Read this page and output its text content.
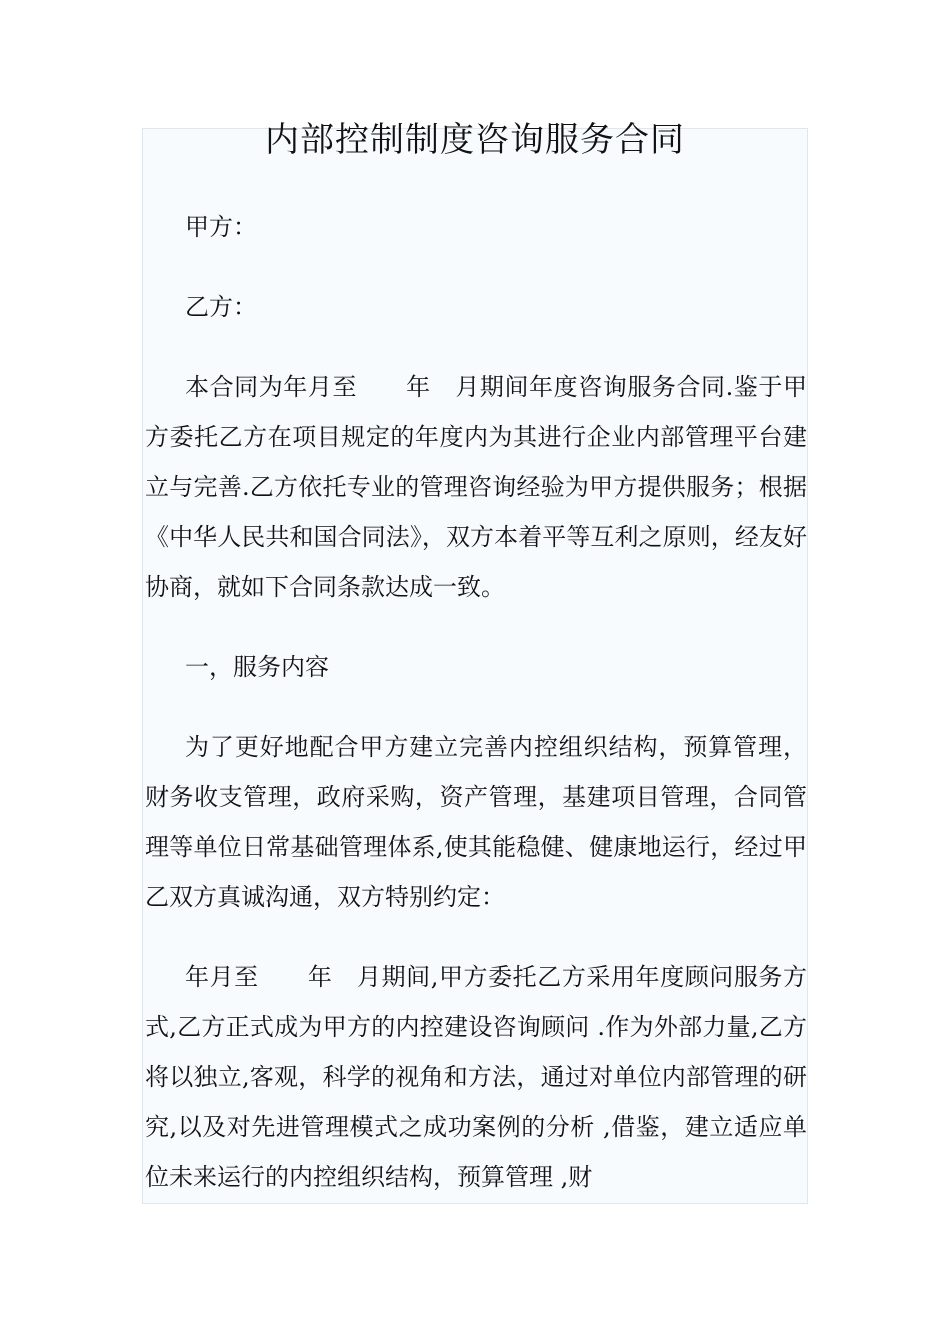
内部控制制度咨询服务合同

甲方：

乙方：

本合同为年月至　　年　月期间年度咨询服务合同.鉴于甲方委托乙方在项目规定的年度内为其进行企业内部管理平台建立与完善.乙方依托专业的管理咨询经验为甲方提供服务；根据《中华人民共和国合同法》，双方本着平等互利之原则，经友好协商，就如下合同条款达成一致。

一，服务内容

为了更好地配合甲方建立完善内控组织结构，预算管理，财务收支管理，政府采购，资产管理，基建项目管理，合同管理等单位日常基础管理体系,使其能稳健、健康地运行，经过甲乙双方真诚沟通，双方特别约定：

年月至　　年　月期间,甲方委托乙方采用年度顾问服务方式,乙方正式成为甲方的内控建设咨询顾问 .作为外部力量,乙方将以独立,客观，科学的视角和方法，通过对单位内部管理的研究,以及对先进管理模式之成功案例的分析 ,借鉴，建立适应单位未来运行的内控组织结构，预算管理 ,财
